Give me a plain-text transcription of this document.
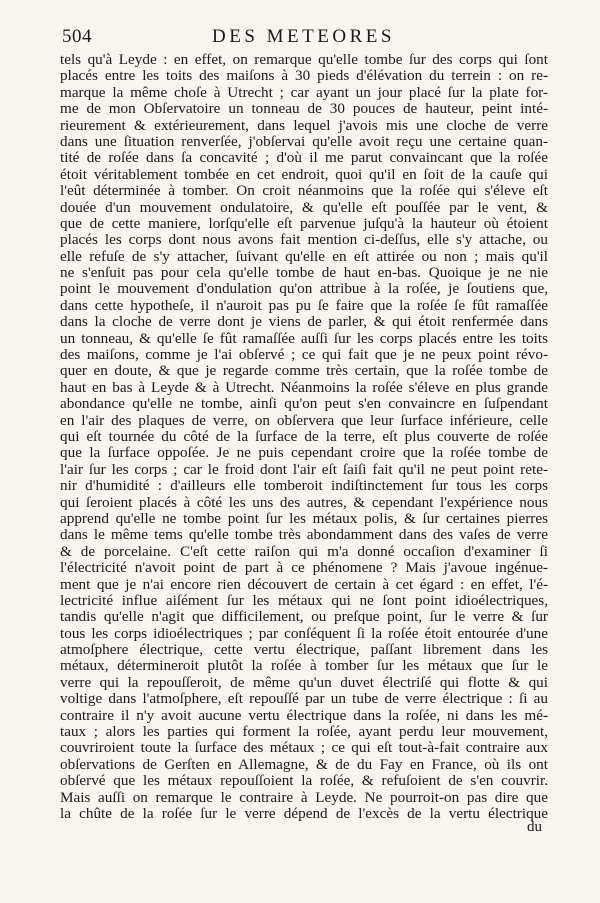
504	DES METEORES
tels qu'à Leyde : en effet, on remarque qu'elle tombe ſur des corps qui ſont
placés entre les toits des maiſons à 30 pieds d'élévation du terrein : on re-
marque la même choſe à Utrecht ; car ayant un jour placé ſur la plate for-
me de mon Obſervatoire un tonneau de 30 pouces de hauteur, peint inté-
rieurement & extérieurement, dans lequel j'avois mis une cloche de verre
dans une ſituation renverſée, j'obſervai qu'elle avoit reçu une certaine quan-
tité de roſée dans ſa concavité ; d'où il me parut convaincant que la roſée
étoit véritablement tombée en cet endroit, quoi qu'il en ſoit de la cauſe qui
l'eût déterminée à tomber. On croit néanmoins que la roſée qui s'éleve eſt
douée d'un mouvement ondulatoire, & qu'elle eſt pouſſée par le vent, &
que de cette maniere, lorſqu'elle eſt parvenue juſqu'à la hauteur où étoient
placés les corps dont nous avons fait mention ci-deſſus, elle s'y attache, ou
elle refuſe de s'y attacher, ſuivant qu'elle en eſt attirée ou non ; mais qu'il
ne s'enſuit pas pour cela qu'elle tombe de haut en-bas. Quoique je ne nie
point le mouvement d'ondulation qu'on attribue à la roſée, je ſoutiens que,
dans cette hypotheſe, il n'auroit pas pu ſe faire que la roſée ſe fût ramaſſée
dans la cloche de verre dont je viens de parler, & qui étoit renfermée dans
un tonneau, & qu'elle ſe fût ramaſſée auſſi ſur les corps placés entre les toits
des maiſons, comme je l'ai obſervé ; ce qui fait que je ne peux point révo-
quer en doute, & que je regarde comme très certain, que la roſée tombe de
haut en bas à Leyde & à Utrecht. Néanmoins la roſée s'éleve en plus grande
abondance qu'elle ne tombe, ainſi qu'on peut s'en convaincre en ſuſpendant
en l'air des plaques de verre, on obſervera que leur ſurface inférieure, celle
qui eſt tournée du côté de la ſurface de la terre, eſt plus couverte de roſée
que la ſurface oppoſée. Je ne puis cependant croire que la roſée tombe de
l'air ſur les corps ; car le froid dont l'air eſt ſaiſi fait qu'il ne peut point rete-
nir d'humidité : d'ailleurs elle tomberoit indiſtinctement ſur tous les corps
qui ſeroient placés à côté les uns des autres, & cependant l'expérience nous
apprend qu'elle ne tombe point ſur les métaux polis, & ſur certaines pierres
dans le même tems qu'elle tombe très abondamment dans des vaſes de verre
& de porcelaine. C'eſt cette raiſon qui m'a donné occaſion d'examiner ſi
l'électricité n'avoit point de part à ce phénomene ? Mais j'avoue ingénue-
ment que je n'ai encore rien découvert de certain à cet égard : en effet, l'é-
lectricité influe aiſément ſur les métaux qui ne ſont point idioélectriques,
tandis qu'elle n'agit que difficilement, ou preſque point, ſur le verre & ſur
tous les corps idioélectriques ; par conſéquent ſi la roſée étoit entourée d'une
atmoſphere électrique, cette vertu électrique, paſſant librement dans les
métaux, détermineroit plutôt la roſée à tomber ſur les métaux que ſur le
verre qui la repouſſeroit, de même qu'un duvet électriſé qui flotte & qui
voltige dans l'atmoſphere, eſt repouſſé par un tube de verre électrique : ſi au
contraire il n'y avoit aucune vertu électrique dans la roſée, ni dans les mé-
taux ; alors les parties qui forment la roſée, ayant perdu leur mouvement,
couvriroient toute la ſurface des métaux ; ce qui eſt tout-à-fait contraire aux
obſervations de Gerſten en Allemagne, & de du Fay en France, où ils ont
obſervé que les métaux repouſſoient la roſée, & refuſoient de s'en couvrir.
Mais auſſi on remarque le contraire à Leyde. Ne pourroit-on pas dire que
la chûte de la roſée ſur le verre dépend de l'excès de la vertu électrique
du
